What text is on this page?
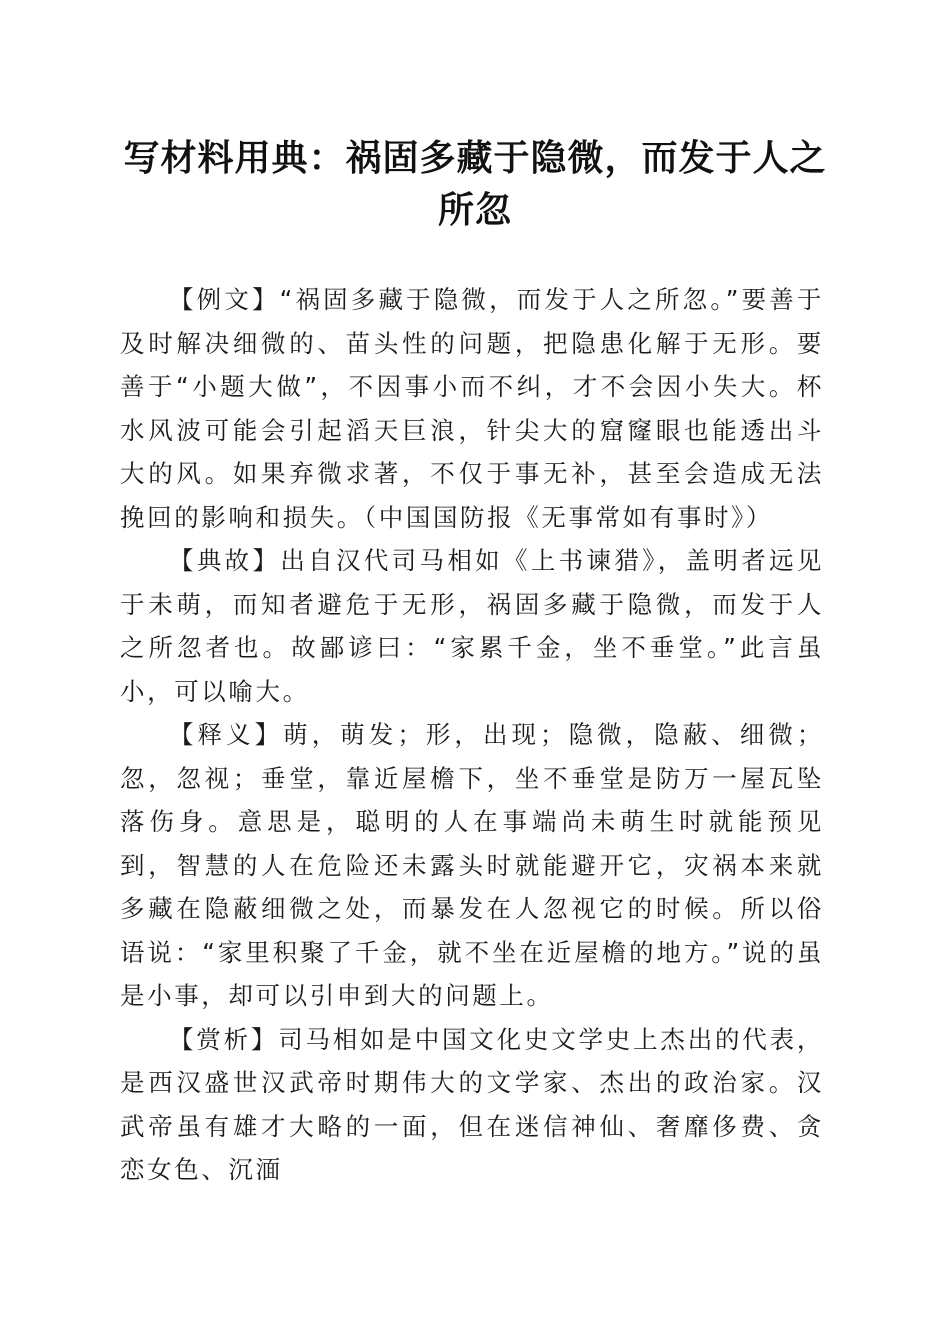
写材料用典：祸固多藏于隐微，而发于人之所忽

【例文】“祸固多藏于隐微，而发于人之所忽。”要善于及时解决细微的、苗头性的问题，把隐患化解于无形。要善于“小题大做”，不因事小而不纠，才不会因小失大。杯水风波可能会引起滔天巨浪，针尖大的窟窿眼也能透出斗大的风。如果弃微求著，不仅于事无补，甚至会造成无法挽回的影响和损失。（中国国防报《无事常如有事时》）

【典故】出自汉代司马相如《上书谏猎》，盖明者远见于未萌，而知者避危于无形，祸固多藏于隐微，而发于人之所忽者也。故鄙谚曰：“家累千金，坐不垂堂。”此言虽小，可以喻大。

【释义】萌，萌发；形，出现；隐微，隐蔽、细微；忽，忽视；垂堂，靠近屋檐下，坐不垂堂是防万一屋瓦坠落伤身。意思是，聪明的人在事端尚未萌生时就能预见到，智慧的人在危险还未露头时就能避开它，灾祸本来就多藏在隐蔽细微之处，而暴发在人忽视它的时候。所以俗语说：“家里积聚了千金，就不坐在近屋檐的地方。”说的虽是小事，却可以引申到大的问题上。

【赏析】司马相如是中国文化史文学史上杰出的代表，是西汉盛世汉武帝时期伟大的文学家、杰出的政治家。汉武帝虽有雄才大略的一面，但在迷信神仙、奢靡侈费、贪恋女色、沉湎
